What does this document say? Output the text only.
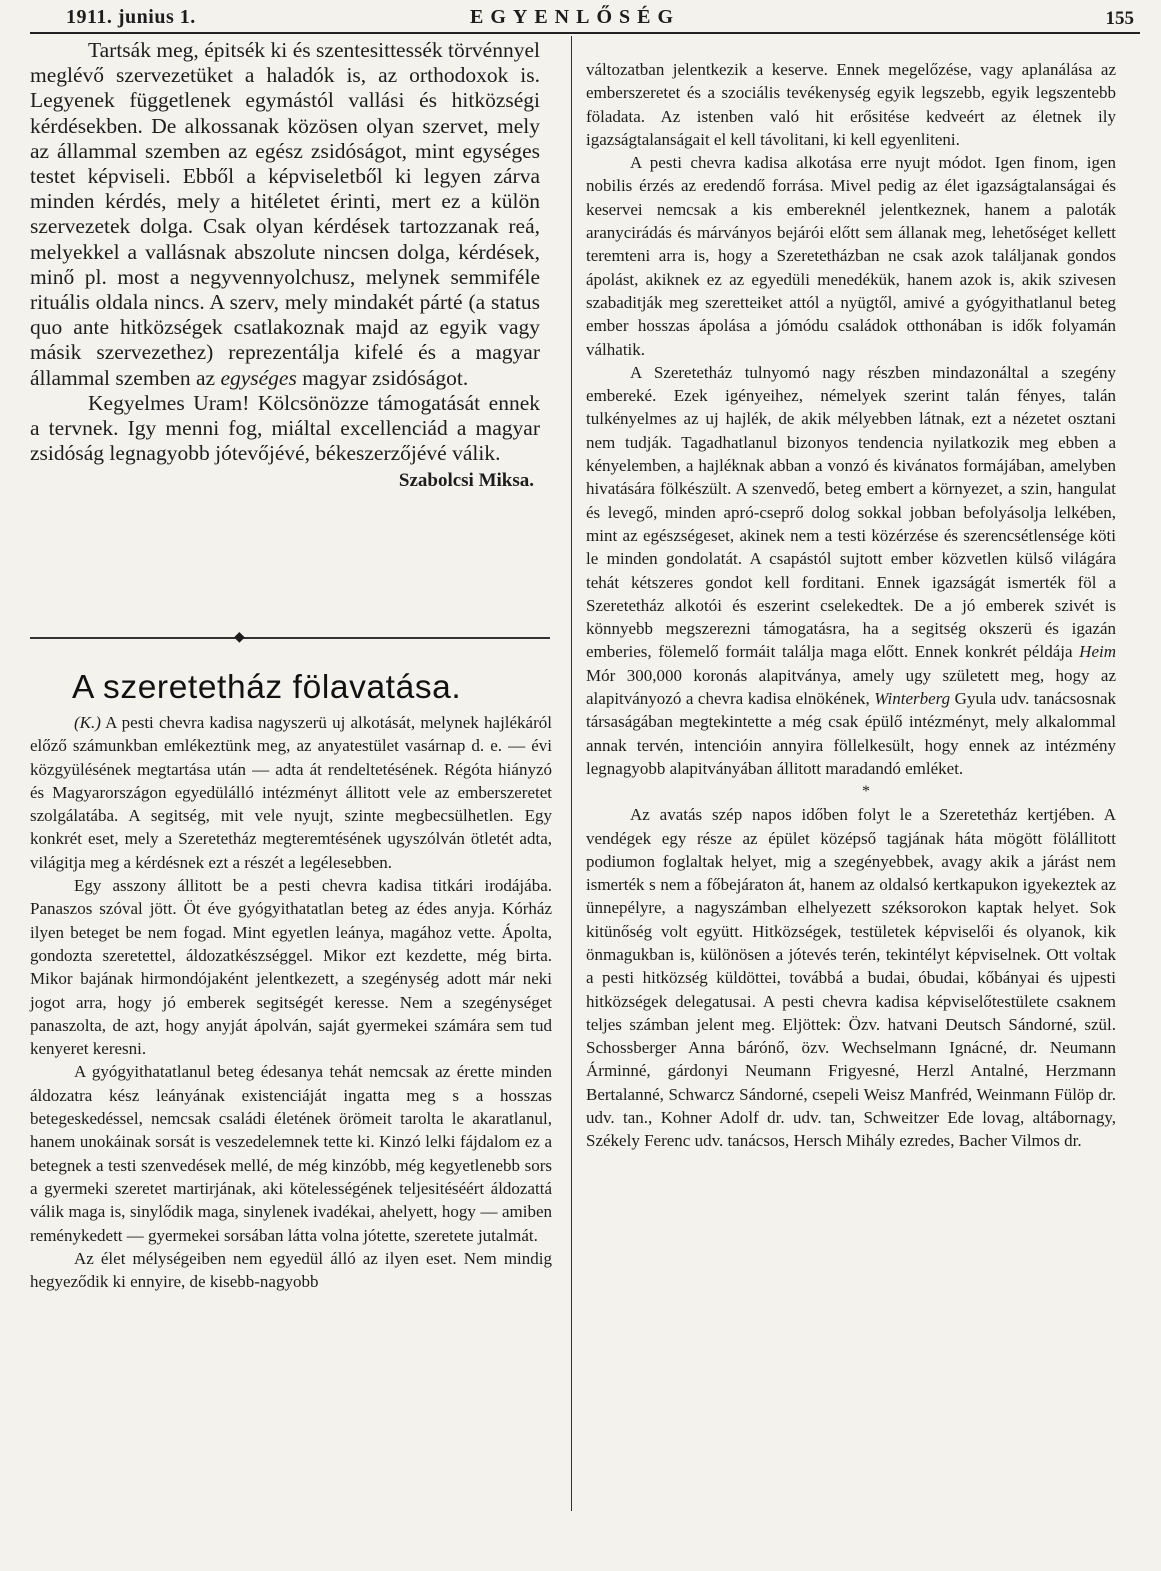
1911. junius 1.	EGYENLŐSÉG	155

Tartsák meg, épitsék ki és szentesittessék törvénnyel meglévő szervezetüket a haladók is, az orthodoxok is. Legyenek függetlenek egymástól vallási és hitközségi kérdésekben. De alkossanak közösen olyan szervet, mely az állammal szemben az egész zsidóságot, mint egységes testet képviseli. Ebből a képviseletből ki legyen zárva minden kérdés, mely a hitéletet érinti, mert ez a külön szervezetek dolga. Csak olyan kérdések tartozzanak reá, melyekkel a vallásnak abszolute nincsen dolga, kérdések, minő pl. most a negyvennyolchusz, melynek semmiféle rituális oldala nincs. A szerv, mely mindakét párté (a status quo ante hitközségek csatlakoznak majd az egyik vagy másik szervezethez) reprezentálja kifelé és a magyar állammal szemben az egységes magyar zsidóságot.

Kegyelmes Uram! Kölcsönözze támogatását ennek a tervnek. Igy menni fog, miáltal excellenciád a magyar zsidóság legnagyobb jótevőjévé, békeszerzőjévé válik.

Szabolcsi Miksa.

◆
A szeretetház fölavatása.

(K.) A pesti chevra kadisa nagyszerü uj alkotását, melynek hajlékáról előző számunkban emlékeztünk meg, az anyatestület vasárnap d. e. — évi közgyülésének megtartása után — adta át rendeltetésének. Régóta hiányzó és Magyarországon egyedülálló intézményt állitott vele az emberszeretet szolgálatába. A segitség, mit vele nyujt, szinte megbecsülhetlen. Egy konkrét eset, mely a Szeretetház megteremtésének ugyszólván ötletét adta, világitja meg a kérdésnek ezt a részét a legélesebben.

Egy asszony állitott be a pesti chevra kadisa titkári irodájába. Panaszos szóval jött. Öt éve gyógyithatatlan beteg az édes anyja. Kórház ilyen beteget be nem fogad. Mint egyetlen leánya, magához vette. Ápolta, gondozta szeretettel, áldozatkészséggel. Mikor ezt kezdette, még birta. Mikor bajának hirmondójaként jelentkezett, a szegénység adott már neki jogot arra, hogy jó emberek segitségét keresse. Nem a szegénységet panaszolta, de azt, hogy anyját ápolván, saját gyermekei számára sem tud kenyeret keresni.

A gyógyithatatlanul beteg édesanya tehát nemcsak az érette minden áldozatra kész leányának existenciáját ingatta meg s a hosszas betegeskedéssel, nemcsak családi életének örömeit tarolta le akaratlanul, hanem unokáinak sorsát is veszedelemnek tette ki. Kinzó lelki fájdalom ez a betegnek a testi szenvedések mellé, de még kinzóbb, még kegyetlenebb sors a gyermeki szeretet martirjának, aki kötelességének teljesitéséért áldozattá válik maga is, sinylődik maga, sinylenek ivadékai, ahelyett, hogy — amiben reménykedett — gyermekei sorsában látta volna jótette, szeretete jutalmát.

Az élet mélységeiben nem egyedül álló az ilyen eset. Nem mindig hegyeződik ki ennyire, de kisebb-nagyobb

változatban jelentkezik a keserve. Ennek megelőzése, vagy aplanálása az emberszeretet és a szociális tevékenység egyik legszebb, egyik legszentebb föladata. Az istenben való hit erősitése kedveért az életnek ily igazságtalanságait el kell távolitani, ki kell egyenliteni.

A pesti chevra kadisa alkotása erre nyujt módot. Igen finom, igen nobilis érzés az eredendő forrása. Mivel pedig az élet igazságtalanságai és keservei nemcsak a kis embereknél jelentkeznek, hanem a paloták aranycirádás és márványos bejárói előtt sem állanak meg, lehetőséget kellett teremteni arra is, hogy a Szeretetházban ne csak azok találjanak gondos ápolást, akiknek ez az egyedüli menedékük, hanem azok is, akik szivesen szabaditják meg szeretteiket attól a nyügtől, amivé a gyógyithatlanul beteg ember hosszas ápolása a jómódu családok otthonában is idők folyamán válhatik.

A Szeretetház tulnyomó nagy részben mindazonáltal a szegény embereké. Ezek igényeihez, némelyek szerint talán fényes, talán tulkényelmes az uj hajlék, de akik mélyebben látnak, ezt a nézetet osztani nem tudják. Tagadhatlanul bizonyos tendencia nyilatkozik meg ebben a kényelemben, a hajléknak abban a vonzó és kivánatos formájában, amelyben hivatására fölkészült. A szenvedő, beteg embert a környezet, a szin, hangulat és levegő, minden apró-cseprő dolog sokkal jobban befolyásolja lelkében, mint az egészségeset, akinek nem a testi közérzése és szerencsétlensége köti le minden gondolatát. A csapástól sujtott ember közvetlen külső világára tehát kétszeres gondot kell forditani. Ennek igazságát ismerték föl a Szeretetház alkotói és eszerint cselekedtek. De a jó emberek szivét is könnyebb megszerezni támogatásra, ha a segitség okszerü és igazán emberies, fölemelő formáit találja maga előtt. Ennek konkrét példája Heim Mór 300,000 koronás alapitványa, amely ugy született meg, hogy az alapitványozó a chevra kadisa elnökének, Winterberg Gyula udv. tanácsosnak társaságában megtekintette a még csak épülő intézményt, mely alkalommal annak tervén, intencióin annyira föllelkesült, hogy ennek az intézmény legnagyobb alapitványában állitott maradandó emléket.

*

Az avatás szép napos időben folyt le a Szeretetház kertjében. A vendégek egy része az épület középső tagjának háta mögött fölállitott podiumon foglaltak helyet, mig a szegényebbek, avagy akik a járást nem ismerték s nem a főbejáraton át, hanem az oldalsó kertkapukon igyekeztek az ünnepélyre, a nagyszámban elhelyezett széksorokon kaptak helyet. Sok kitünőség volt együtt. Hitközségek, testületek képviselői és olyanok, kik önmagukban is, különösen a jótevés terén, tekintélyt képviselnek. Ott voltak a pesti hitközség küldöttei, továbbá a budai, óbudai, kőbányai és ujpesti hitközségek delegatusai. A pesti chevra kadisa képviselőtestülete csaknem teljes számban jelent meg. Eljöttek: Özv. hatvani Deutsch Sándorné, szül. Schossberger Anna bárónő, özv. Wechselmann Ignácné, dr. Neumann Árminné, gárdonyi Neumann Frigyesné, Herzl Antalné, Herzmann Bertalanné, Schwarcz Sándorné, csepeli Weisz Manfréd, Weinmann Fülöp dr. udv. tan., Kohner Adolf dr. udv. tan, Schweitzer Ede lovag, altábornagy, Székely Ferenc udv. tanácsos, Hersch Mihály ezredes, Bacher Vilmos dr.
